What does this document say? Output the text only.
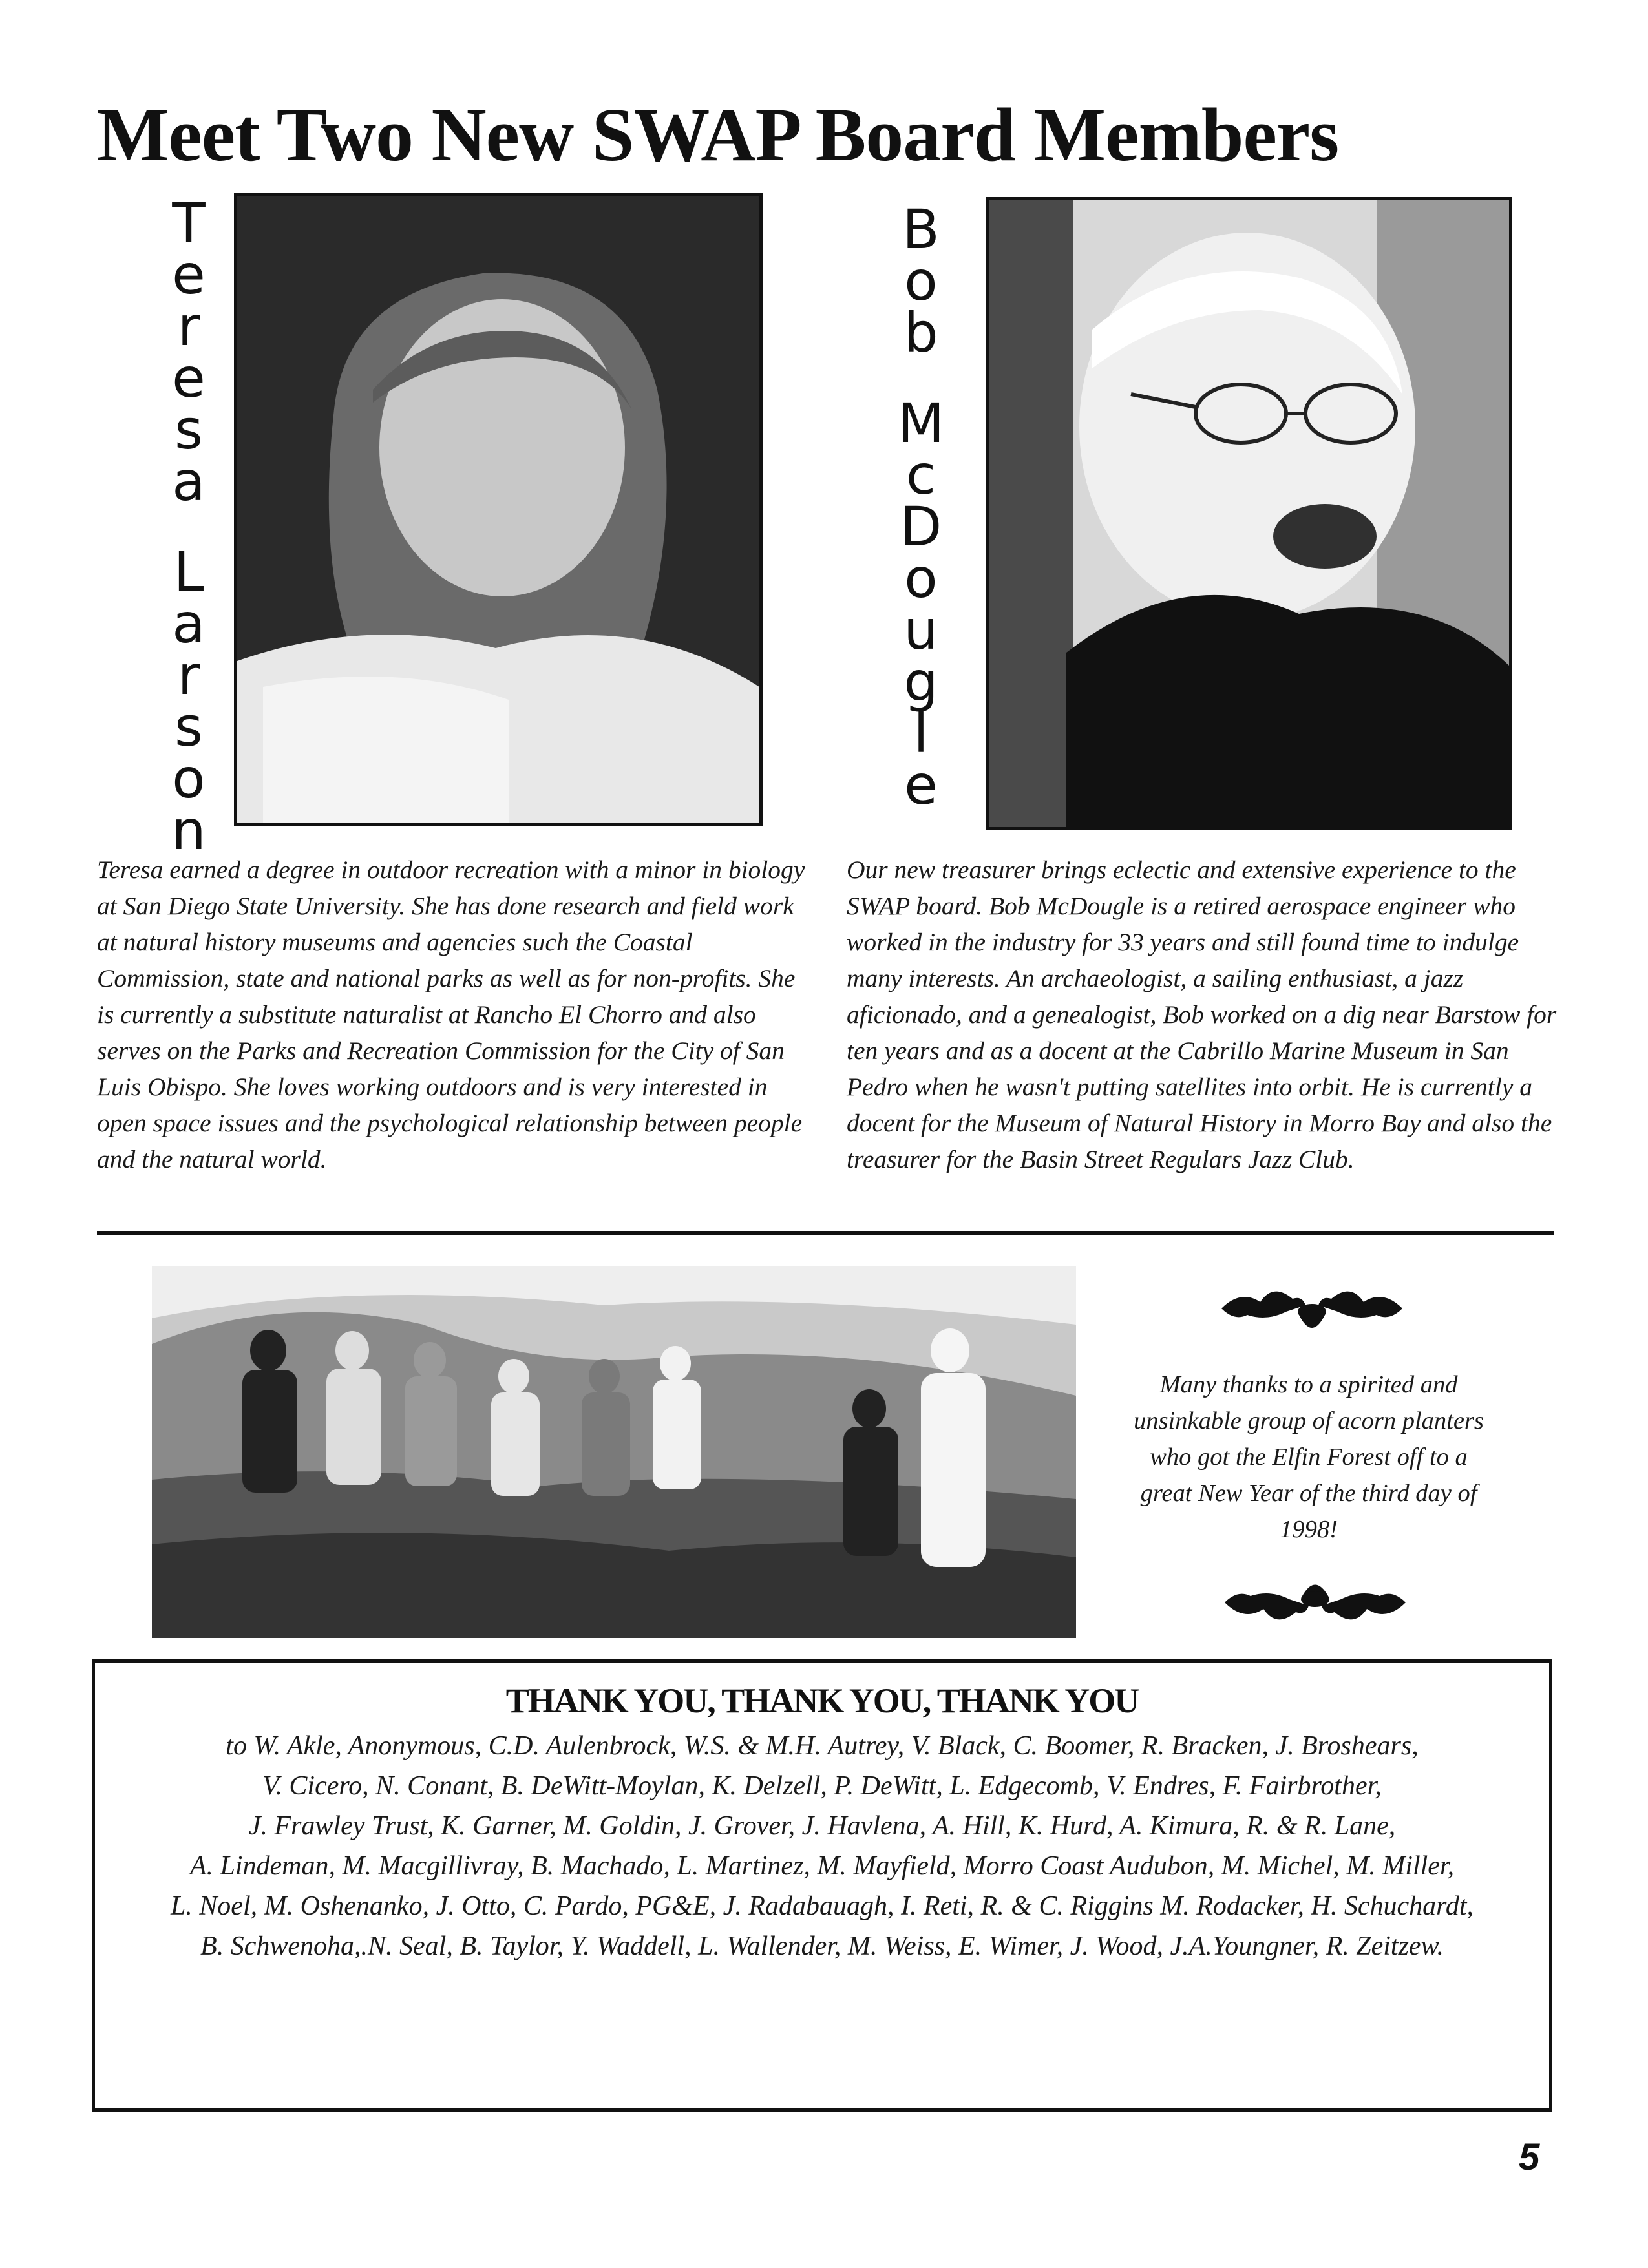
Meet Two New SWAP Board Members
T
e
r
e
s
a
L
a
r
s
o
n
B
o
b
M
c
D
o
u
g
l
e
Teresa earned a degree in outdoor recreation with a minor in biology at San Diego State University. She has done research and field work at natural history museums and agencies such the Coastal Commission, state and national parks as well as for non-profits. She is currently a substitute naturalist at Rancho El Chorro and also serves on the Parks and Recreation Commission for the City of San Luis Obispo. She loves working outdoors and is very interested in open space issues and the psychological relationship between people and the natural world.
Our new treasurer brings eclectic and extensive experience to the SWAP board. Bob McDougle is a retired aerospace engineer who worked in the industry for 33 years and still found time to indulge many interests. An archaeologist, a sailing enthusiast, a jazz aficionado, and a genealogist, Bob worked on a dig near Barstow for ten years and as a docent at the Cabrillo Marine Museum in San Pedro when he wasn't putting satellites into orbit. He is currently a docent for the Museum of Natural History in Morro Bay and also the treasurer for the Basin Street Regulars Jazz Club.
Many thanks to a spirited and unsinkable group of acorn planters who got the Elfin Forest off to a great New Year of the third day of 1998!
THANK YOU, THANK YOU, THANK YOU
to W. Akle, Anonymous, C.D. Aulenbrock, W.S. & M.H. Autrey, V. Black, C. Boomer, R. Bracken, J. Broshears,
V. Cicero, N. Conant, B. DeWitt-Moylan, K. Delzell, P. DeWitt, L. Edgecomb, V. Endres, F. Fairbrother,
J. Frawley Trust, K. Garner, M. Goldin, J. Grover, J. Havlena, A. Hill, K. Hurd, A. Kimura, R. & R. Lane,
A. Lindeman, M. Macgillivray, B. Machado, L. Martinez, M. Mayfield, Morro Coast Audubon, M. Michel, M. Miller,
L. Noel, M. Oshenanko, J. Otto, C. Pardo, PG&E, J. Radabauagh, I. Reti, R. & C. Riggins M. Rodacker, H. Schuchardt,
B. Schwenoha,.N. Seal, B. Taylor, Y. Waddell, L. Wallender, M. Weiss, E. Wimer, J. Wood, J.A.Youngner, R. Zeitzew.
5
